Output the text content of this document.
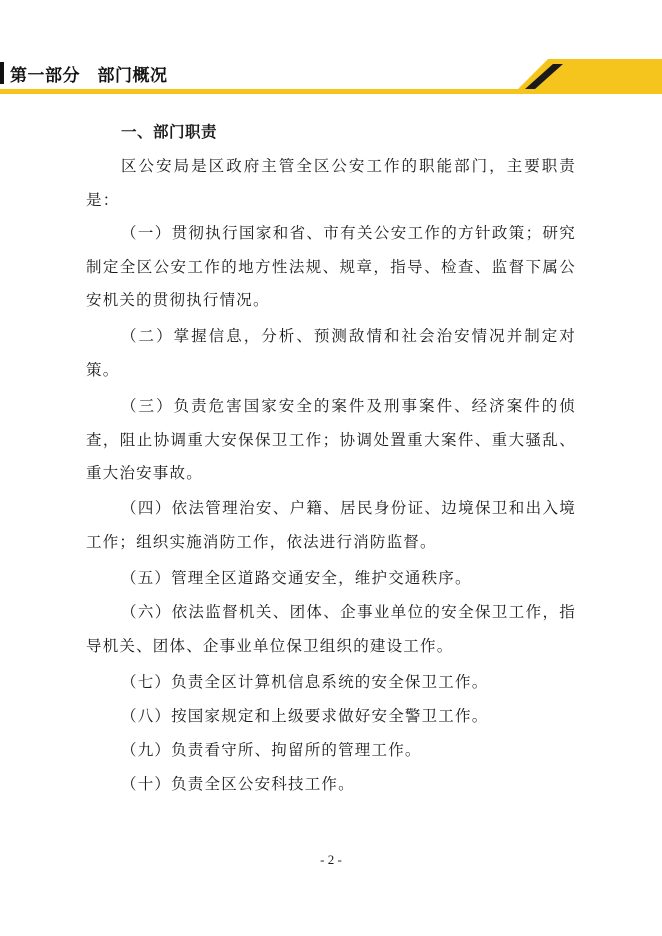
第一部分　部门概况
一、部门职责
区公安局是区政府主管全区公安工作的职能部门，主要职责是：
（一）贯彻执行国家和省、市有关公安工作的方针政策；研究制定全区公安工作的地方性法规、规章，指导、检查、监督下属公安机关的贯彻执行情况。
（二）掌握信息，分析、预测敌情和社会治安情况并制定对策。
（三）负责危害国家安全的案件及刑事案件、经济案件的侦查，阻止协调重大安保保卫工作；协调处置重大案件、重大骚乱、重大治安事故。
（四）依法管理治安、户籍、居民身份证、边境保卫和出入境工作；组织实施消防工作，依法进行消防监督。
（五）管理全区道路交通安全，维护交通秩序。
（六）依法监督机关、团体、企事业单位的安全保卫工作，指导机关、团体、企事业单位保卫组织的建设工作。
（七）负责全区计算机信息系统的安全保卫工作。
（八）按国家规定和上级要求做好安全警卫工作。
（九）负责看守所、拘留所的管理工作。
（十）负责全区公安科技工作。
- 2 -
